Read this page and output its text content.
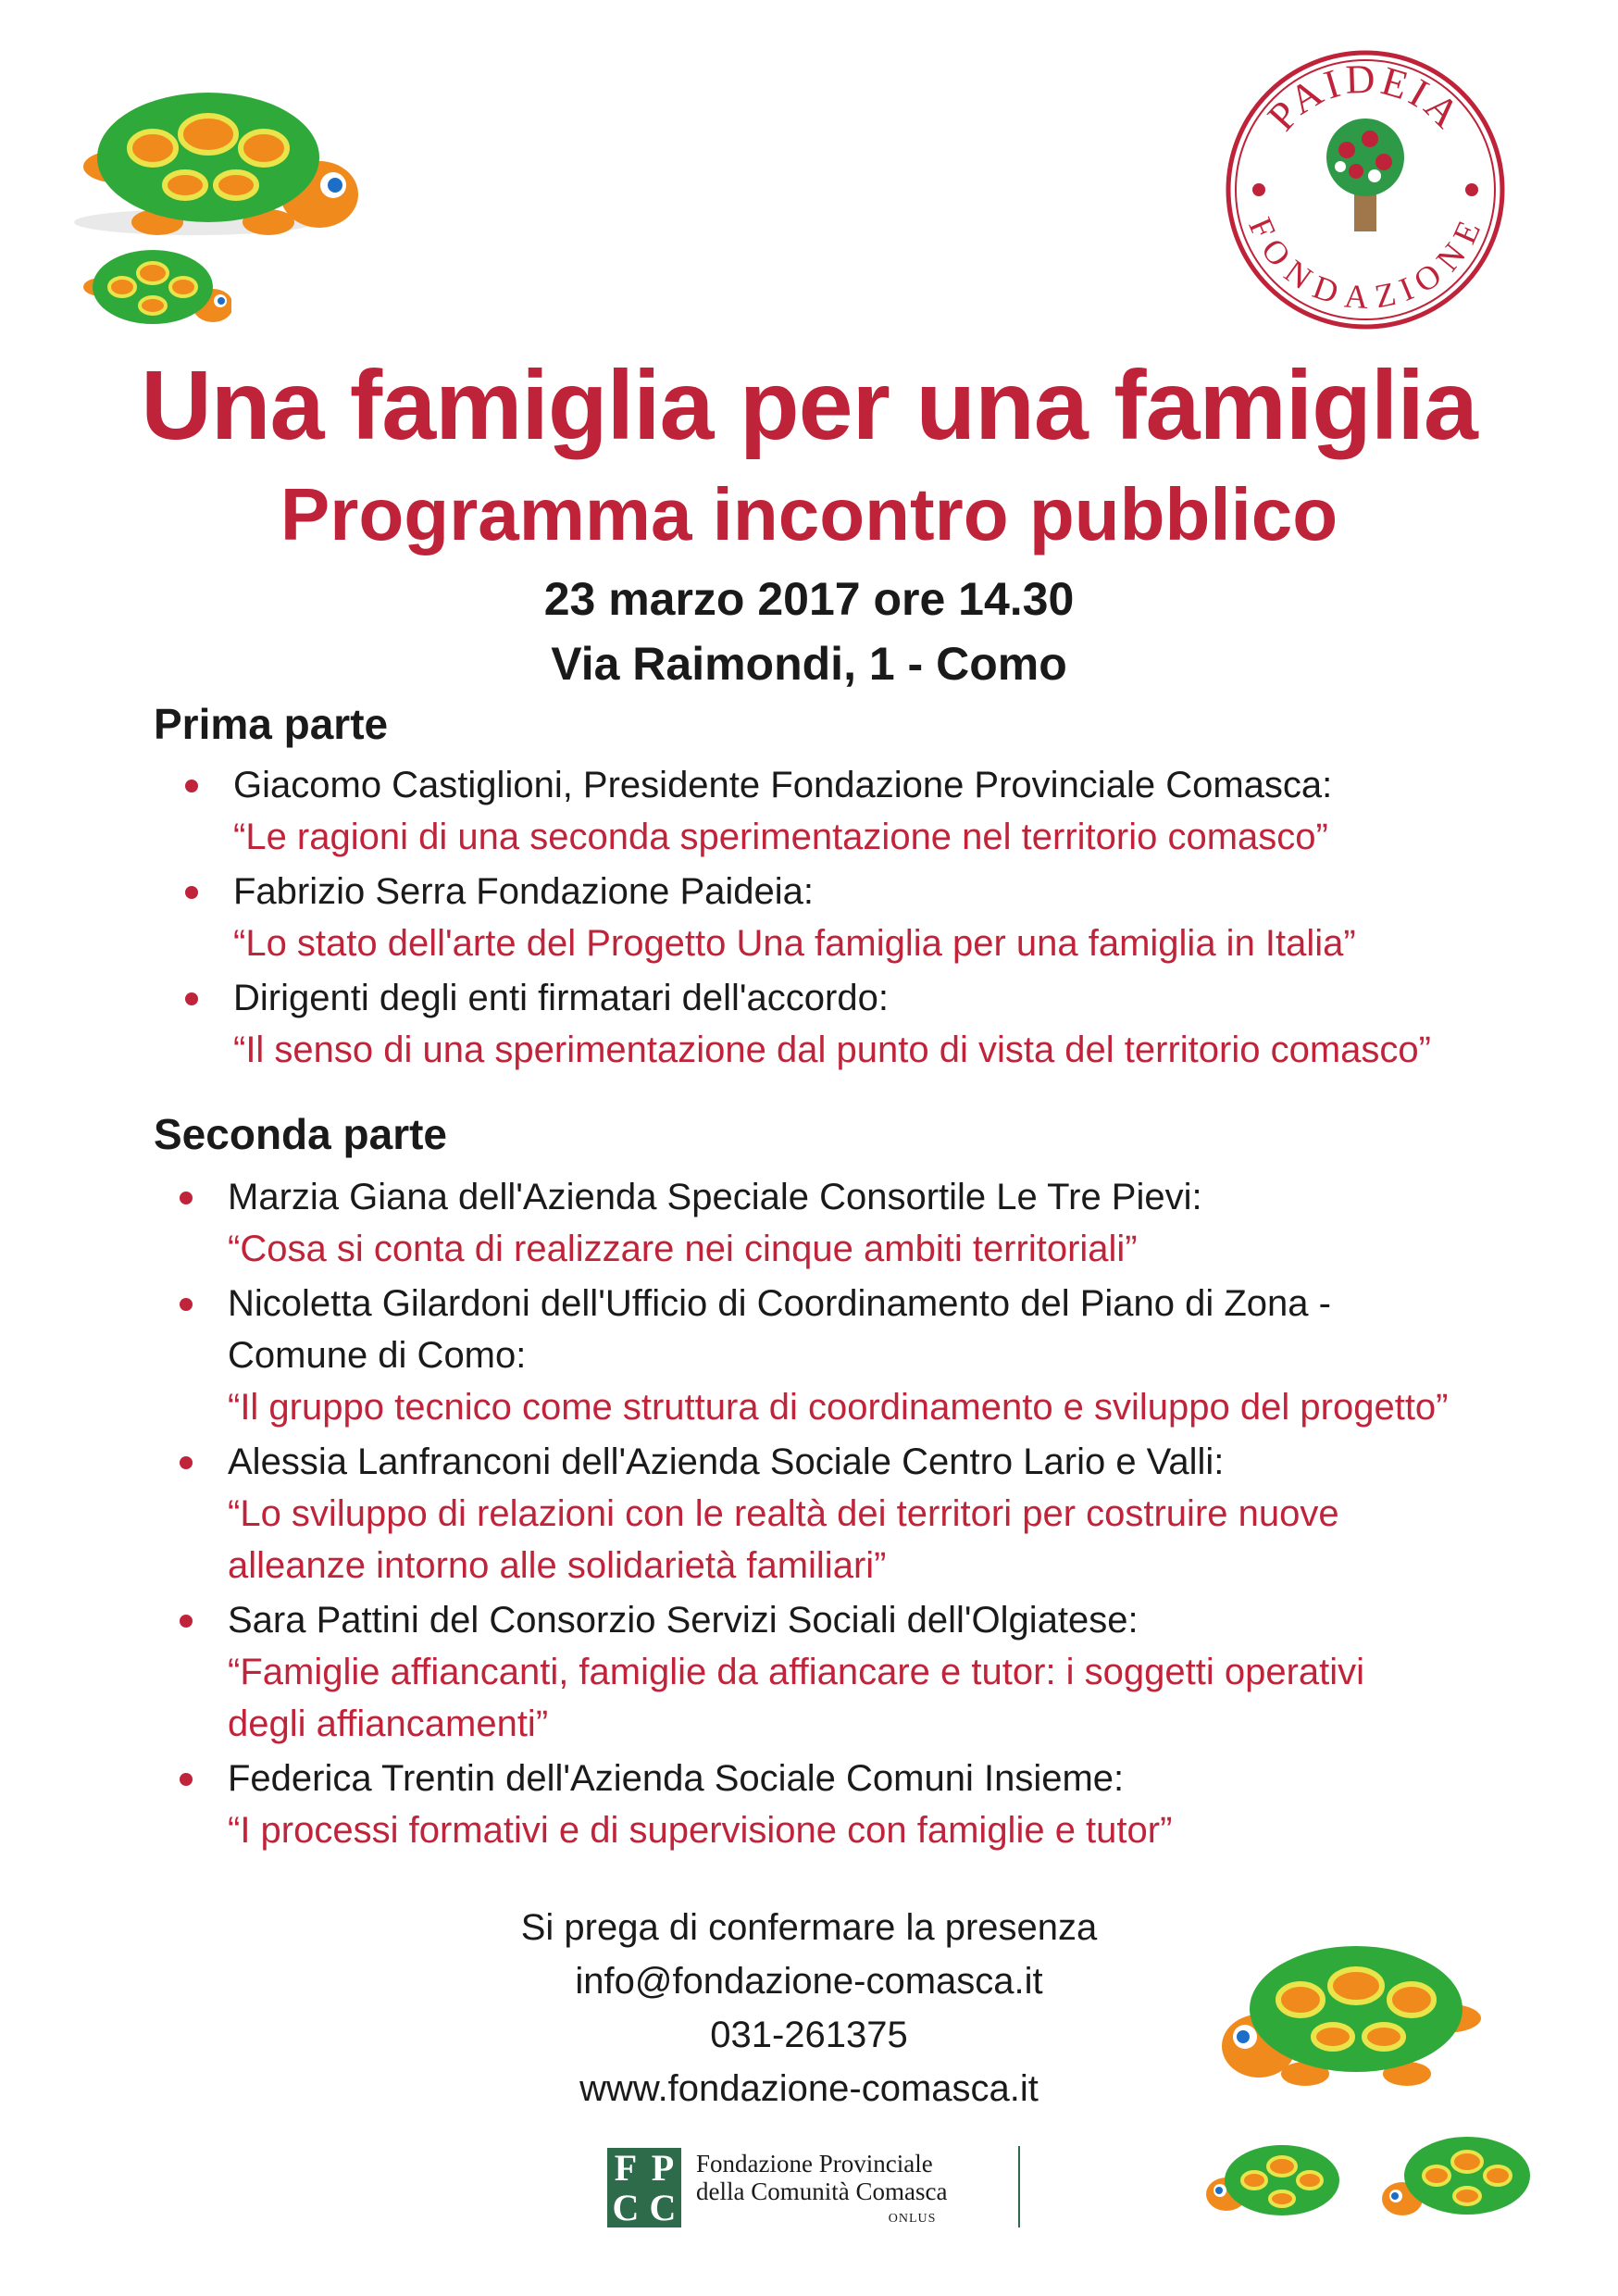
PAIDEIA
FONDAZIONE
Una famiglia per una famiglia
Programma incontro pubblico
23 marzo 2017 ore 14.30
Via Raimondi, 1 - Como
Prima parte
Giacomo Castiglioni, Presidente Fondazione Provinciale Comasca:
“Le ragioni di una seconda sperimentazione nel territorio comasco”
Fabrizio Serra Fondazione Paideia:
“Lo stato dell'arte del Progetto Una famiglia per una famiglia in Italia”
Dirigenti degli enti firmatari dell'accordo:
“Il senso di una sperimentazione dal punto di vista del territorio comasco”
Seconda parte
Marzia Giana dell'Azienda Speciale Consortile Le Tre Pievi:
“Cosa si conta di realizzare nei cinque ambiti territoriali”
Nicoletta Gilardoni dell'Ufficio di Coordinamento del Piano di Zona - Comune di Como:
“Il gruppo tecnico come struttura di coordinamento e sviluppo del progetto”
Alessia Lanfranconi dell'Azienda Sociale Centro Lario e Valli:
“Lo sviluppo di relazioni con le realtà dei territori per costruire nuove alleanze intorno alle solidarietà familiari”
Sara Pattini del Consorzio Servizi Sociali dell'Olgiatese:
“Famiglie affiancanti, famiglie da affiancare e tutor: i soggetti operativi degli affiancamenti”
Federica Trentin dell'Azienda Sociale Comuni Insieme:
“I processi formativi e di supervisione con famiglie e tutor”
Si prega di confermare la presenza
info@fondazione-comasca.it
031-261375
www.fondazione-comasca.it
F P
C C
Fondazione Provinciale
della Comunità Comasca
ONLUS
